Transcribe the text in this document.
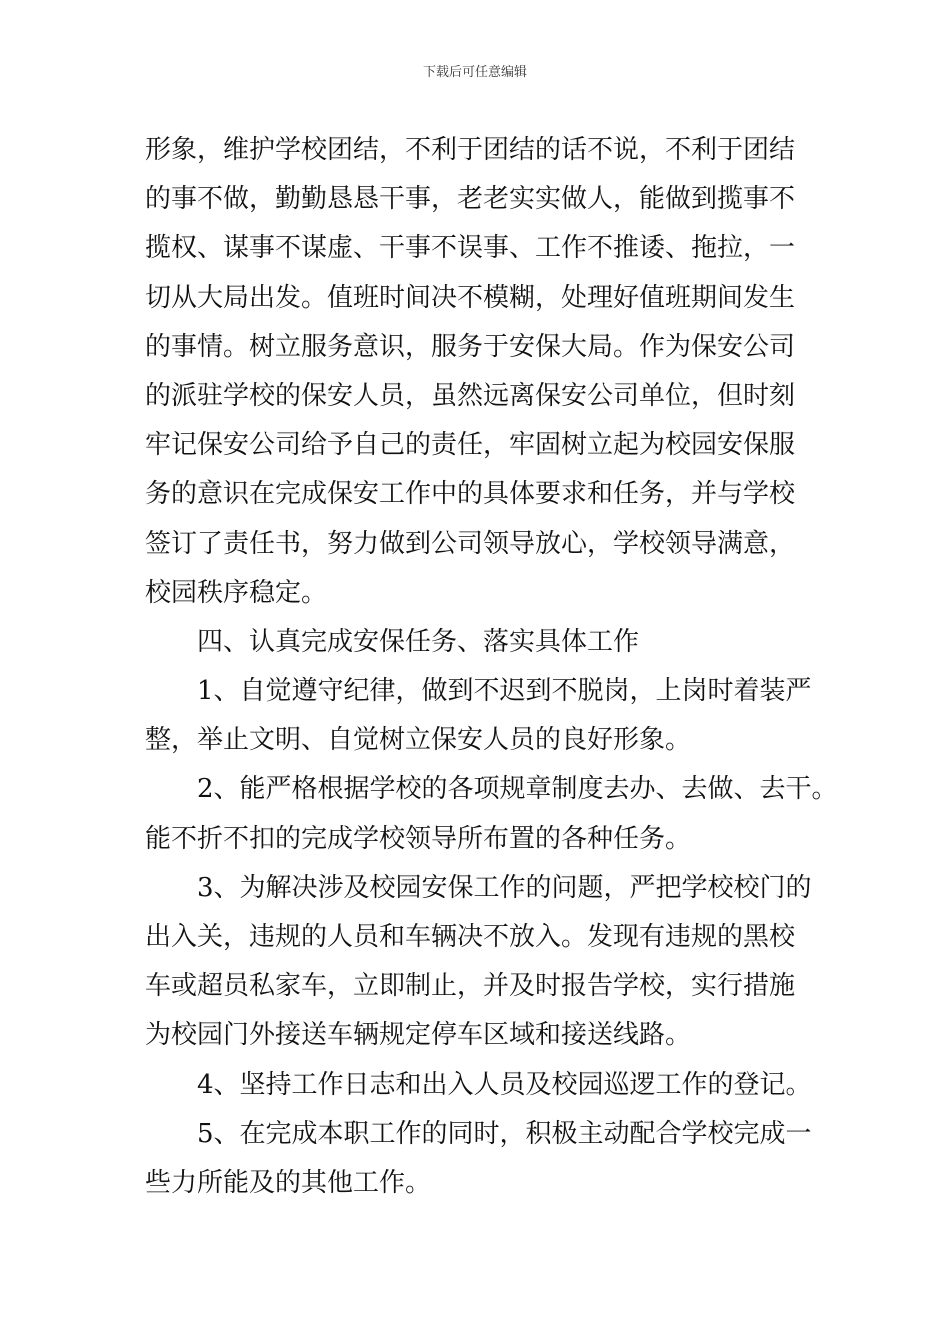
下载后可任意编辑
形象，维护学校团结，不利于团结的话不说，不利于团结
的事不做，勤勤恳恳干事，老老实实做人，能做到揽事不
揽权、谋事不谋虚、干事不误事、工作不推诿、拖拉，一
切从大局出发。值班时间决不模糊，处理好值班期间发生
的事情。树立服务意识，服务于安保大局。作为保安公司
的派驻学校的保安人员，虽然远离保安公司单位，但时刻
牢记保安公司给予自己的责任，牢固树立起为校园安保服
务的意识在完成保安工作中的具体要求和任务，并与学校
签订了责任书，努力做到公司领导放心，学校领导满意，
校园秩序稳定。
四、认真完成安保任务、落实具体工作
1、自觉遵守纪律，做到不迟到不脱岗，上岗时着装严
整，举止文明、自觉树立保安人员的良好形象。
2、能严格根据学校的各项规章制度去办、去做、去干。
能不折不扣的完成学校领导所布置的各种任务。
3、为解决涉及校园安保工作的问题，严把学校校门的
出入关，违规的人员和车辆决不放入。发现有违规的黑校
车或超员私家车，立即制止，并及时报告学校，实行措施
为校园门外接送车辆规定停车区域和接送线路。
4、坚持工作日志和出入人员及校园巡逻工作的登记。
5、在完成本职工作的同时，积极主动配合学校完成一
些力所能及的其他工作。
